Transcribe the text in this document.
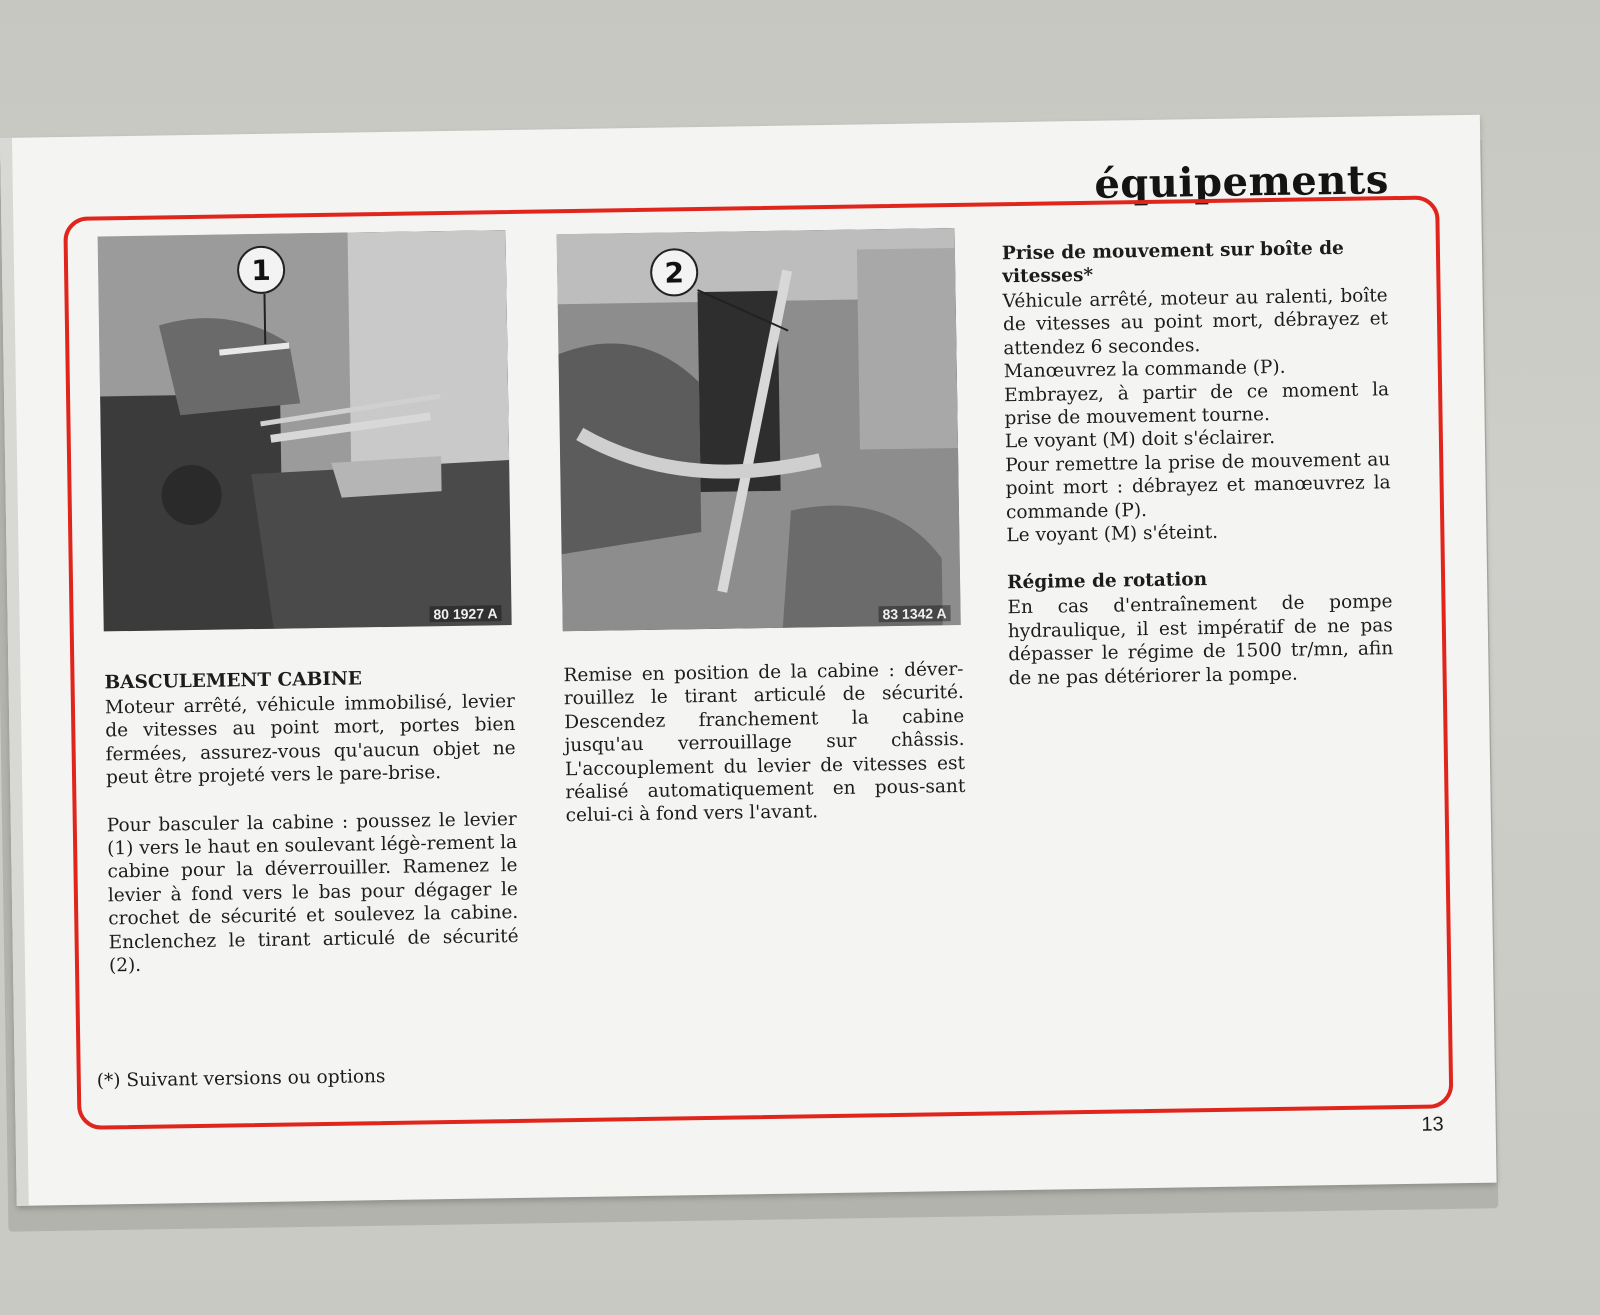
équipements
1
80 1927 A
2
83 1342 A
BASCULEMENT CABINE

Moteur arrêté, véhicule immobilisé, levier de vitesses au point mort, portes bien fermées, assurez-vous qu'aucun objet ne peut être projeté vers le pare-brise.

Pour basculer la cabine : poussez le levier (1) vers le haut en soulevant légè-rement la cabine pour la déverrouiller. Ramenez le levier à fond vers le bas pour dégager le crochet de sécurité et soulevez la cabine. Enclenchez le tirant articulé de sécurité (2).

Remise en position de la cabine : déver-rouillez le tirant articulé de sécurité. Descendez franchement la cabine jusqu'au verrouillage sur châssis. L'accouplement du levier de vitesses est réalisé automatiquement en pous-sant celui-ci à fond vers l'avant.

Prise de mouvement sur boîte de vitesses*

Véhicule arrêté, moteur au ralenti, boîte de vitesses au point mort, débrayez et attendez 6 secondes.
Manœuvrez la commande (P).
Embrayez, à partir de ce moment la prise de mouvement tourne.
Le voyant (M) doit s'éclairer.
Pour remettre la prise de mouvement au point mort : débrayez et manœuvrez la commande (P).
Le voyant (M) s'éteint.

Régime de rotation

En cas d'entraînement de pompe hydraulique, il est impératif de ne pas dépasser le régime de 1500 tr/mn, afin de ne pas détériorer la pompe.

(*) Suivant versions ou options
13
